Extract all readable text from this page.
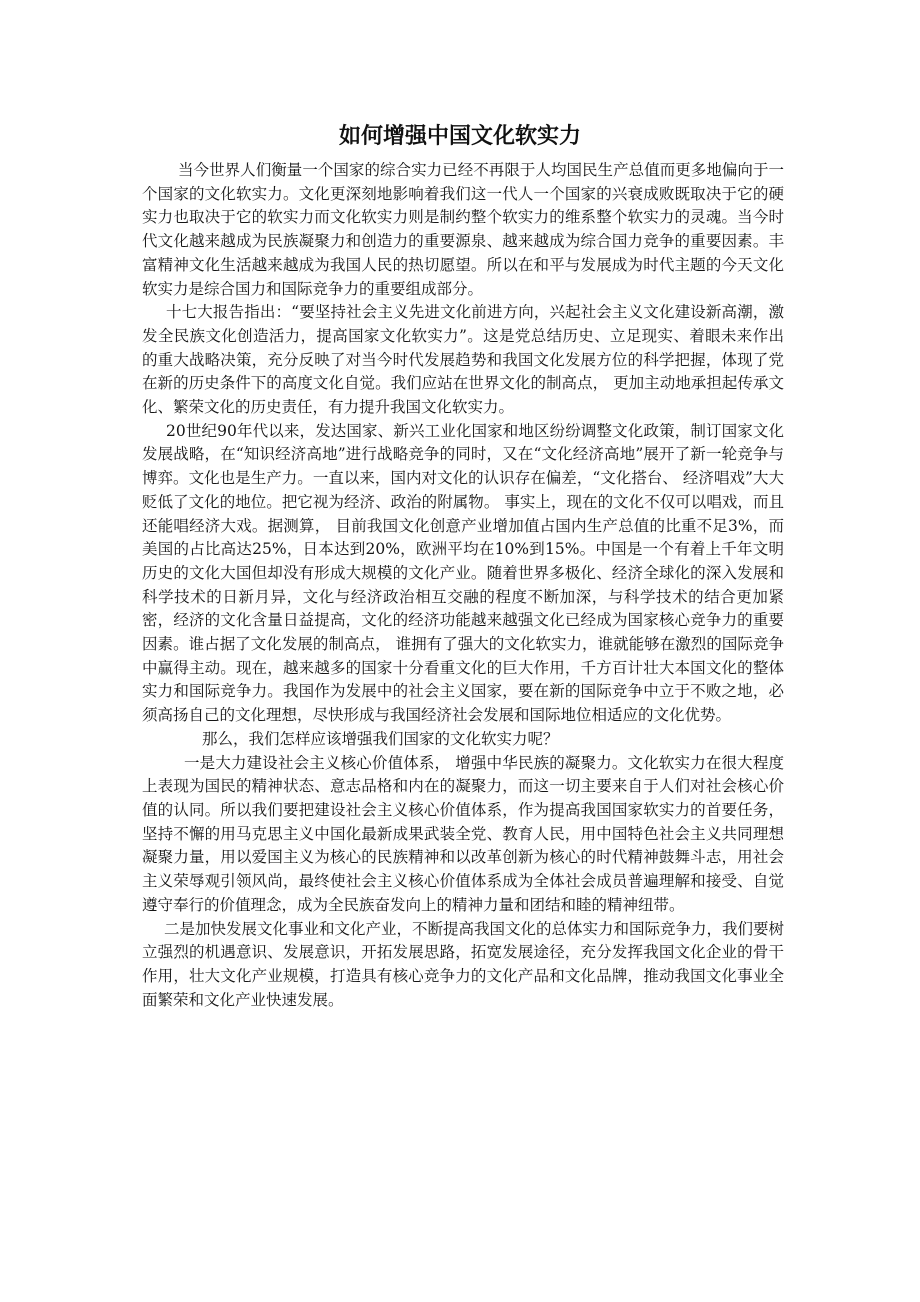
如何增强中国文化软实力

当今世界人们衡量一个国家的综合实力已经不再限于人均国民生产总值而更多地偏向于一个国家的文化软实力。文化更深刻地影响着我们这一代人一个国家的兴衰成败既取决于它的硬实力也取决于它的软实力而文化软实力则是制约整个软实力的维系整个软实力的灵魂。当今时代文化越来越成为民族凝聚力和创造力的重要源泉、越来越成为综合国力竞争的重要因素。丰富精神文化生活越来越成为我国人民的热切愿望。所以在和平与发展成为时代主题的今天文化软实力是综合国力和国际竞争力的重要组成部分。

十七大报告指出：“要坚持社会主义先进文化前进方向，兴起社会主义文化建设新高潮，激发全民族文化创造活力，提高国家文化软实力”。这是党总结历史、立足现实、着眼未来作出的重大战略决策，充分反映了对当今时代发展趋势和我国文化发展方位的科学把握，体现了党在新的历史条件下的高度文化自觉。我们应站在世界文化的制高点， 更加主动地承担起传承文化、繁荣文化的历史责任，有力提升我国文化软实力。

20世纪90年代以来，发达国家、新兴工业化国家和地区纷纷调整文化政策，制订国家文化发展战略，在“知识经济高地”进行战略竞争的同时，又在“文化经济高地”展开了新一轮竞争与博弈。文化也是生产力。一直以来，国内对文化的认识存在偏差，“文化搭台、 经济唱戏”大大贬低了文化的地位。把它视为经济、政治的附属物。 事实上，现在的文化不仅可以唱戏，而且还能唱经济大戏。据测算， 目前我国文化创意产业增加值占国内生产总值的比重不足3%，而美国的占比高达25%，日本达到20%，欧洲平均在10%到15%。中国是一个有着上千年文明历史的文化大国但却没有形成大规模的文化产业。随着世界多极化、经济全球化的深入发展和科学技术的日新月异，文化与经济政治相互交融的程度不断加深，与科学技术的结合更加紧密，经济的文化含量日益提高，文化的经济功能越来越强文化已经成为国家核心竞争力的重要因素。谁占据了文化发展的制高点， 谁拥有了强大的文化软实力，谁就能够在激烈的国际竞争中赢得主动。现在，越来越多的国家十分看重文化的巨大作用，千方百计壮大本国文化的整体实力和国际竞争力。我国作为发展中的社会主义国家，要在新的国际竞争中立于不败之地，必须高扬自己的文化理想，尽快形成与我国经济社会发展和国际地位相适应的文化优势。

那么，我们怎样应该增强我们国家的文化软实力呢？

一是大力建设社会主义核心价值体系， 增强中华民族的凝聚力。文化软实力在很大程度上表现为国民的精神状态、意志品格和内在的凝聚力，而这一切主要来自于人们对社会核心价值的认同。所以我们要把建设社会主义核心价值体系，作为提高我国国家软实力的首要任务，坚持不懈的用马克思主义中国化最新成果武装全党、教育人民，用中国特色社会主义共同理想凝聚力量，用以爱国主义为核心的民族精神和以改革创新为核心的时代精神鼓舞斗志，用社会主义荣辱观引领风尚，最终使社会主义核心价值体系成为全体社会成员普遍理解和接受、自觉遵守奉行的价值理念，成为全民族奋发向上的精神力量和团结和睦的精神纽带。

二是加快发展文化事业和文化产业，不断提高我国文化的总体实力和国际竞争力，我们要树立强烈的机遇意识、发展意识，开拓发展思路，拓宽发展途径，充分发挥我国文化企业的骨干作用，壮大文化产业规模，打造具有核心竞争力的文化产品和文化品牌，推动我国文化事业全面繁荣和文化产业快速发展。
